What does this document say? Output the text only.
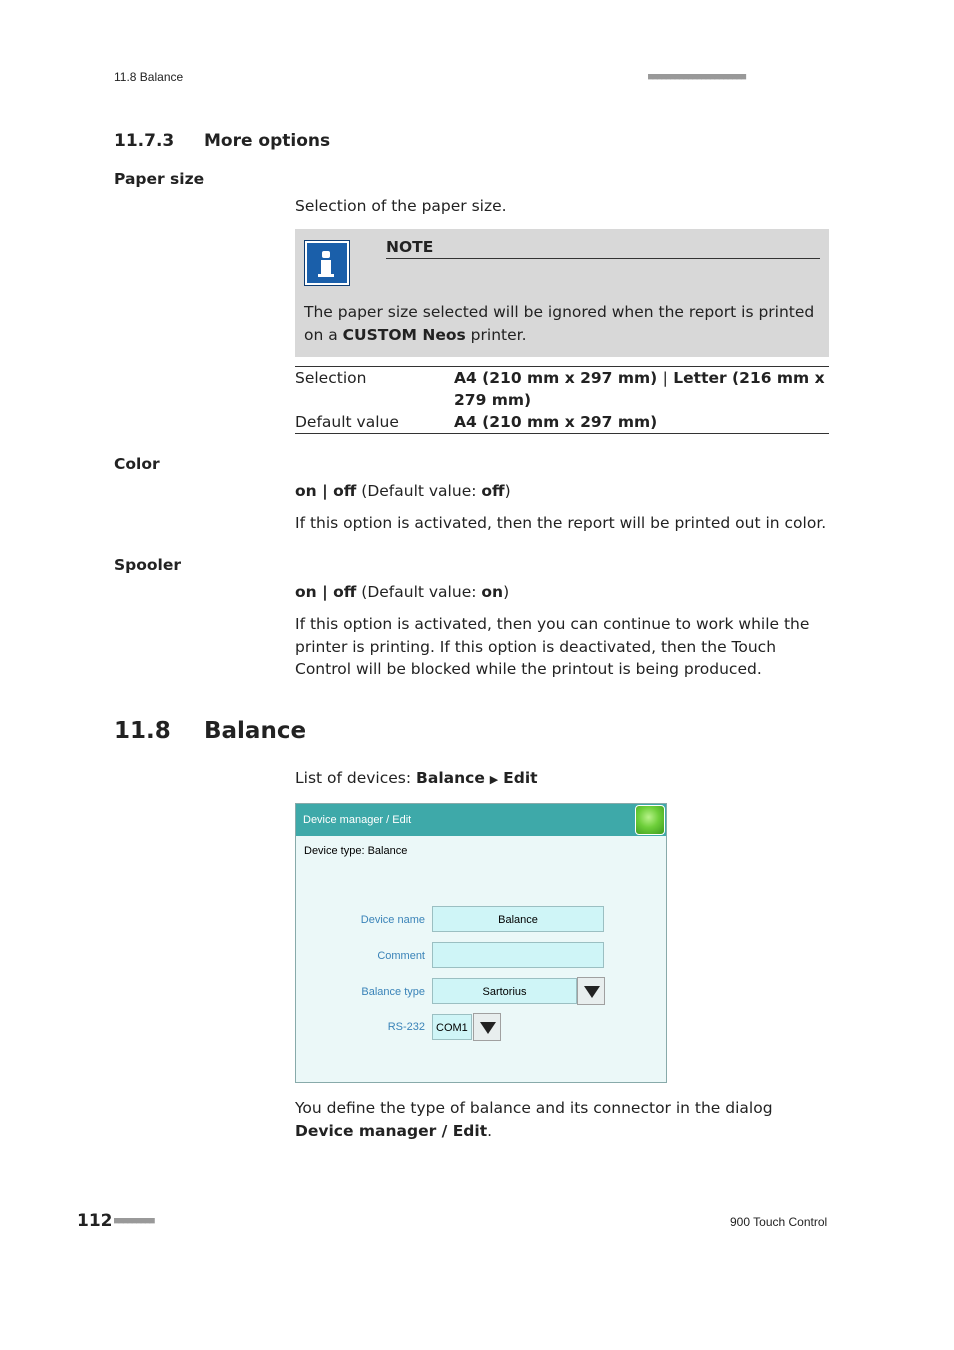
11.8 Balance	■■■■■■■■■■■■■■■■■■■■■■
11.7.3 More options
Paper size
Selection of the paper size.
NOTE
The paper size selected will be ignored when the report is printed on a CUSTOM Neos printer.
Selection	A4 (210 mm x 297 mm) | Letter (216 mm x 279 mm)
Default value	A4 (210 mm x 297 mm)
Color
on | off (Default value: off)
If this option is activated, then the report will be printed out in color.
Spooler
on | off (Default value: on)
If this option is activated, then you can continue to work while the printer is printing. If this option is deactivated, then the Touch Control will be blocked while the printout is being produced.
11.8 Balance
List of devices: Balance ▶ Edit
Device manager / Edit
Device type: Balance
Device name	Balance
Comment
Balance type	Sartorius
RS-232	COM1
You define the type of balance and its connector in the dialog Device manager / Edit.
112 ■■■■■■■■■	900 Touch Control
